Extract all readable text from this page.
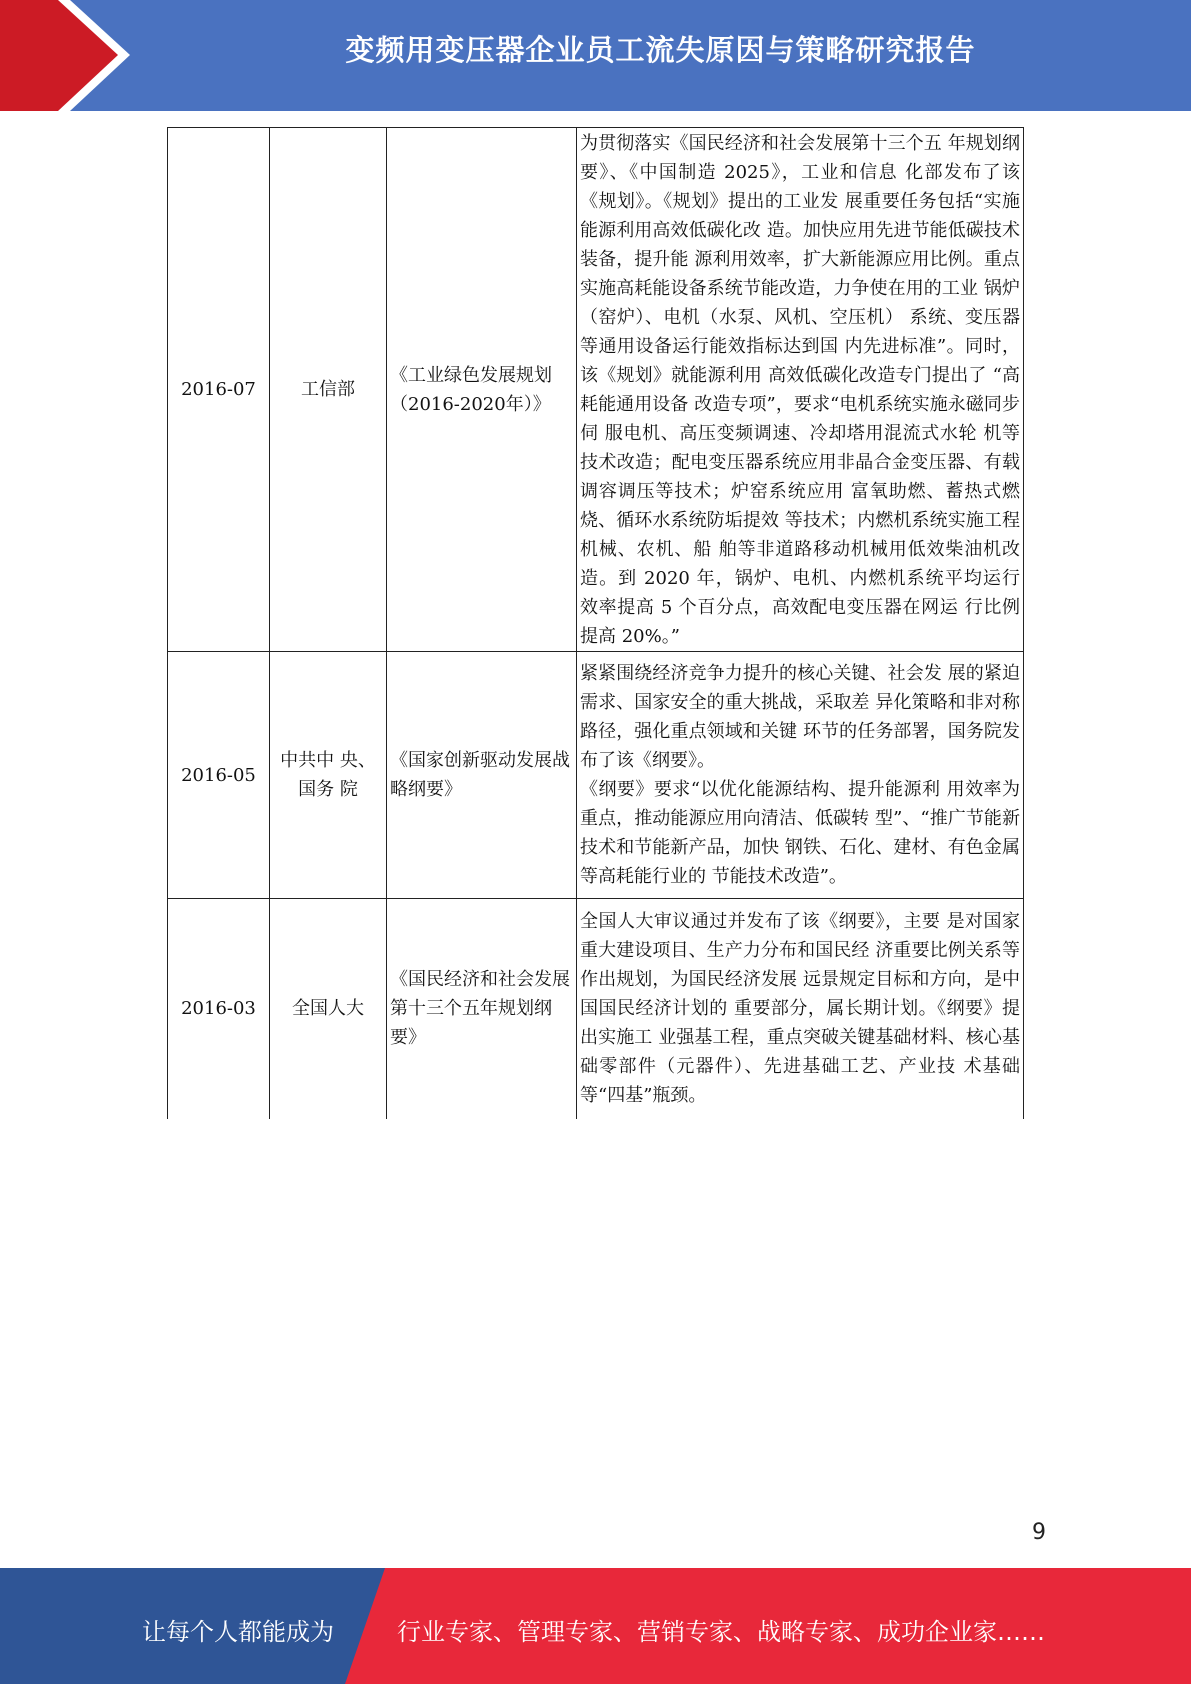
变频用变压器企业员工流失原因与策略研究报告
2016-07	工信部	《工业绿色发展规划　　（2016-2020年）》	为贯彻落实《国民经济和社会发展第十三个五 年规划纲要》、《中国制造 2025》，工业和信息 化部发布了该《规划》。《规划》提出的工业发 展重要任务包括“实施能源利用高效低碳化改 造。加快应用先进节能低碳技术装备，提升能 源利用效率，扩大新能源应用比例。重点实施高耗能设备系统节能改造，力争使在用的工业 锅炉（窑炉）、电机（水泵、风机、空压机） 系统、变压器等通用设备运行能效指标达到国 内先进标准”。同时，该《规划》就能源利用 高效低碳化改造专门提出了 “高耗能通用设备 改造专项”，要求“电机系统实施永磁同步伺 服电机、高压变频调速、冷却塔用混流式水轮 机等技术改造；配电变压器系统应用非晶合金变压器、有载调容调压等技术；炉窑系统应用 富氧助燃、蓄热式燃烧、循环水系统防垢提效 等技术；内燃机系统实施工程机械、农机、船 舶等非道路移动机械用低效柴油机改造。到 2020 年，锅炉、电机、内燃机系统平均运行 效率提高 5 个百分点，高效配电变压器在网运 行比例提高 20%。”
2016-05	中共中 央、国务 院	《国家创新驱动发展战略纲要》	紧紧围绕经济竞争力提升的核心关键、社会发 展的紧迫需求、国家安全的重大挑战，采取差 异化策略和非对称路径，强化重点领域和关键 环节的任务部署，国务院发布了该《纲要》。
《纲要》要求“以优化能源结构、提升能源利 用效率为重点，推动能源应用向清洁、低碳转 型”、“推广节能新技术和节能新产品，加快 钢铁、石化、建材、有色金属等高耗能行业的 节能技术改造”。

2016-03	全国人大	《国民经济和社会发展第十三个五年规划纲要》	全国人大审议通过并发布了该《纲要》，主要 是对国家重大建设项目、生产力分布和国民经 济重要比例关系等作出规划，为国民经济发展 远景规定目标和方向，是中国国民经济计划的 重要部分，属长期计划。《纲要》提出实施工 业强基工程，重点突破关键基础材料、核心基 础零部件（元器件）、先进基础工艺、产业技 术基础等“四基”瓶颈。
9
让每个人都能成为	行业专家、管理专家、营销专家、战略专家、成功企业家……
